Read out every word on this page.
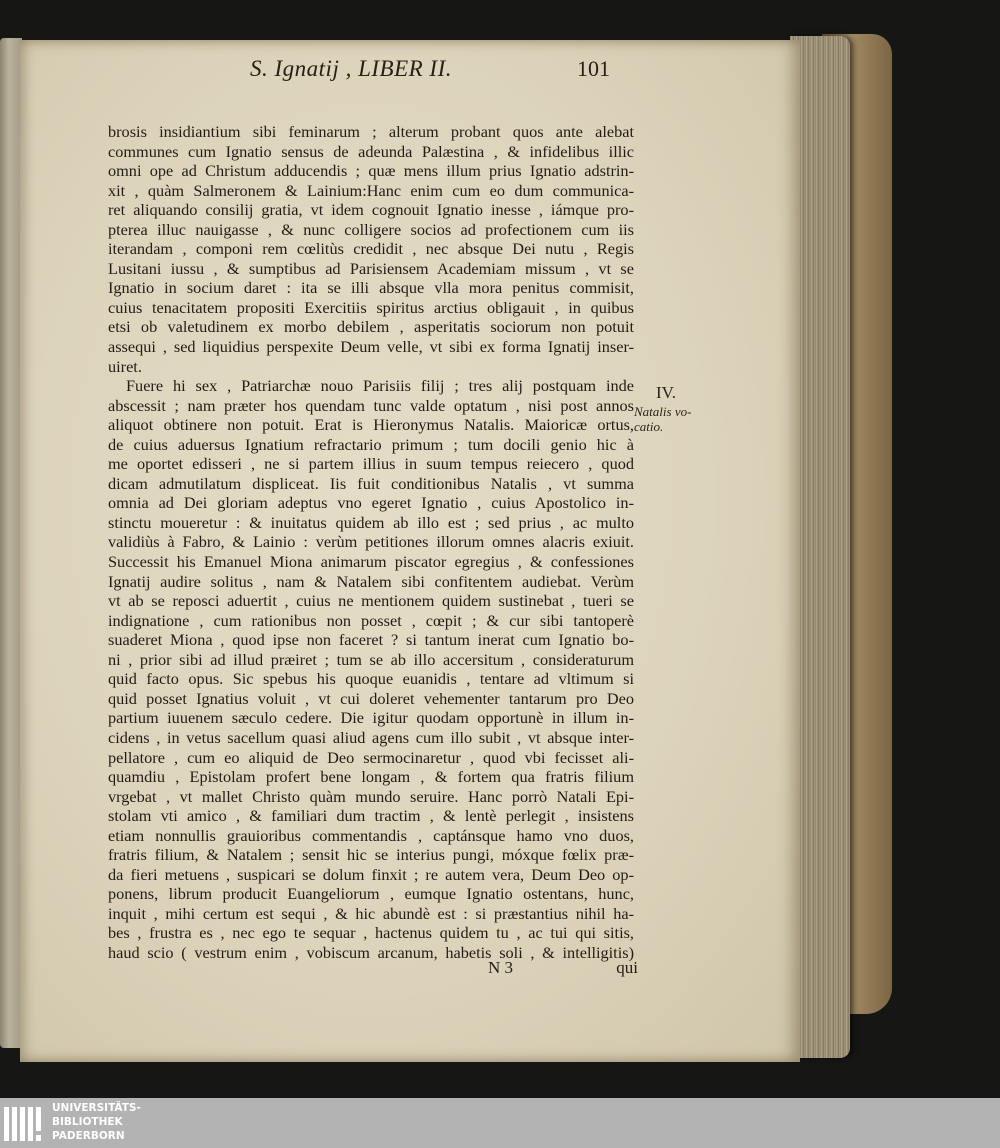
S. Ignatij , LIBER II.	101
brosis insidiantium sibi feminarum ; alterum probant quos ante alebat
communes cum Ignatio sensus de adeunda Palæstina , & infidelibus illic
omni ope ad Christum adducendis ; quæ mens illum prius Ignatio adstrin-
xit , quàm Salmeronem & Lainium:Hanc enim cum eo dum communica-
ret aliquando consilij gratia, vt idem cognouit Ignatio inesse , iámque pro-
pterea illuc nauigasse , & nunc colligere socios ad profectionem cum iis
iterandam , componi rem cœlitùs credidit , nec absque Dei nutu , Regis
Lusitani iussu , & sumptibus ad Parisiensem Academiam missum , vt se
Ignatio in socium daret : ita se illi absque vlla mora penitus commisit,
cuius tenacitatem propositi Exercitiis spiritus arctius obligauit , in quibus
etsi ob valetudinem ex morbo debilem , asperitatis sociorum non potuit
assequi , sed liquidius perspexite Deum velle, vt sibi ex forma Ignatij inser-
uiret.
Fuere hi sex , Patriarchæ nouo Parisiis filij ; tres alij postquam inde
abscessit ; nam præter hos quendam tunc valde optatum , nisi post annos
aliquot obtinere non potuit. Erat is Hieronymus Natalis. Maioricæ ortus,
de cuius aduersus Ignatium refractario primum ; tum docili genio hic à
me oportet edisseri , ne si partem illius in suum tempus reiecero , quod
dicam admutilatum displiceat. Iis fuit conditionibus Natalis , vt summa
omnia ad Dei gloriam adeptus vno egeret Ignatio , cuius Apostolico in-
stinctu moueretur : & inuitatus quidem ab illo est ; sed prius , ac multo
validiùs à Fabro, & Lainio : verùm petitiones illorum omnes alacris exiuit.
Successit his Emanuel Miona animarum piscator egregius , & confessiones
Ignatij audire solitus , nam & Natalem sibi confitentem audiebat. Verùm
vt ab se reposci aduertit , cuius ne mentionem quidem sustinebat , tueri se
indignatione , cum rationibus non posset , cœpit ; & cur sibi tantoperè
suaderet Miona , quod ipse non faceret ? si tantum inerat cum Ignatio bo-
ni , prior sibi ad illud præiret ; tum se ab illo accersitum , consideraturum
quid facto opus. Sic spebus his quoque euanidis , tentare ad vltimum si
quid posset Ignatius voluit , vt cui doleret vehementer tantarum pro Deo
partium iuuenem sæculo cedere. Die igitur quodam opportunè in illum in-
cidens , in vetus sacellum quasi aliud agens cum illo subit , vt absque inter-
pellatore , cum eo aliquid de Deo sermocinaretur , quod vbi fecisset ali-
quamdiu , Epistolam profert bene longam , & fortem qua fratris filium
vrgebat , vt mallet Christo quàm mundo seruire. Hanc porrò Natali Epi-
stolam vti amico , & familiari dum tractim , & lentè perlegit , insistens
etiam nonnullis grauioribus commentandis , captánsque hamo vno duos,
fratris filium, & Natalem ; sensit hic se interius pungi, móxque fœlix præ-
da fieri metuens , suspicari se dolum finxit ; re autem vera, Deum Deo op-
ponens, librum producit Euangeliorum , eumque Ignatio ostentans, hunc,
inquit , mihi certum est sequi , & hic abundè est : si præstantius nihil ha-
bes , frustra es , nec ego te sequar , hactenus quidem tu , ac tui qui sitis,
haud scio ( vestrum enim , vobiscum arcanum, habetis soli , & intelligitis)
IV.
Natalis vo-
catio.
N 3	qui
UNIVERSITÄTS-
BIBLIOTHEK
PADERBORN
